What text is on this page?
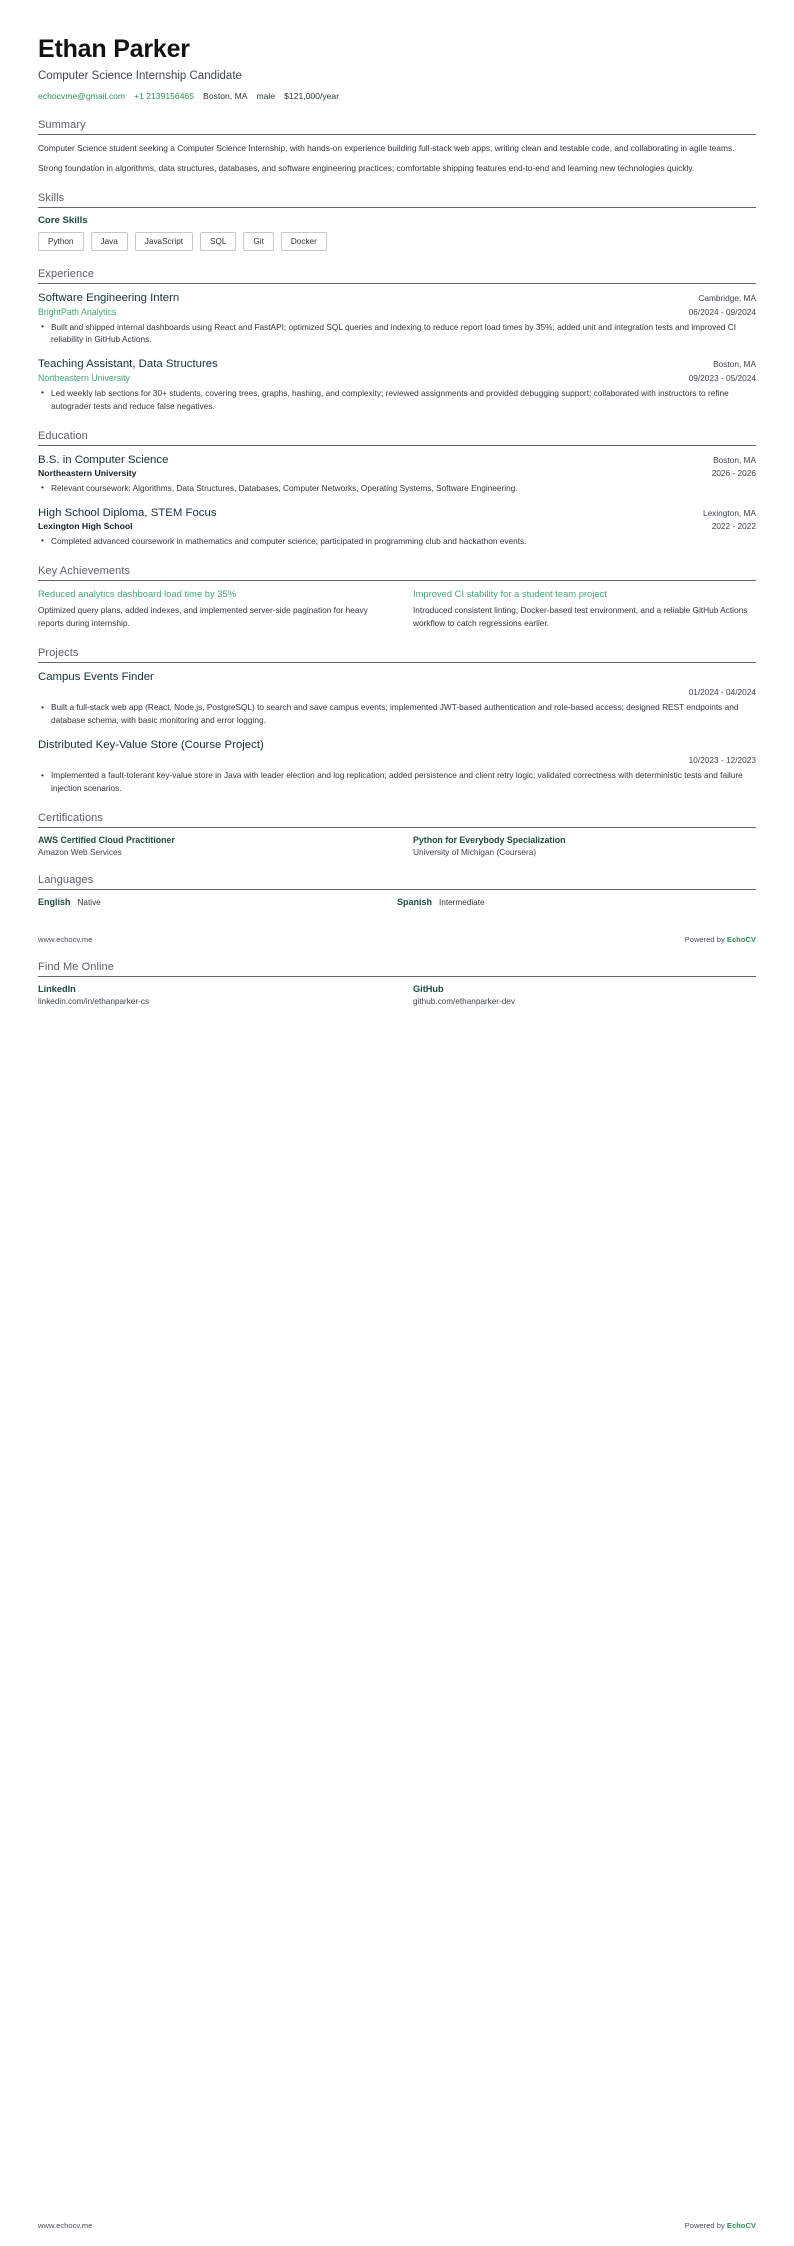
Ethan Parker
Computer Science Internship Candidate
echocvme@gmail.com +1 2139156465 Boston, MA male $121,000/year
Summary

Computer Science student seeking a Computer Science Internship, with hands-on experience building full-stack web apps, writing clean and testable code, and collaborating in agile teams.

Strong foundation in algorithms, data structures, databases, and software engineering practices; comfortable shipping features end-to-end and learning new technologies quickly.

Skills
Core Skills
Python	Java	JavaScript	SQL	Git	Docker
Experience
Software Engineering Intern	Cambridge, MA
BrightPath Analytics	06/2024 - 09/2024
• Built and shipped internal dashboards using React and FastAPI; optimized SQL queries and indexing to reduce report load times by 35%; added unit and integration tests and improved CI reliability in GitHub Actions.
Teaching Assistant, Data Structures	Boston, MA
Northeastern University	09/2023 - 05/2024
• Led weekly lab sections for 30+ students, covering trees, graphs, hashing, and complexity; reviewed assignments and provided debugging support; collaborated with instructors to refine autograder tests and reduce false negatives.
Education
B.S. in Computer Science	Boston, MA
Northeastern University	2026 - 2026
• Relevant coursework: Algorithms, Data Structures, Databases, Computer Networks, Operating Systems, Software Engineering.
High School Diploma, STEM Focus	Lexington, MA
Lexington High School	2022 - 2022
• Completed advanced coursework in mathematics and computer science; participated in programming club and hackathon events.
Key Achievements
Reduced analytics dashboard load time by 35%
Optimized query plans, added indexes, and implemented server-side pagination for heavy reports during internship.
Improved CI stability for a student team project
Introduced consistent linting, Docker-based test environment, and a reliable GitHub Actions workflow to catch regressions earlier.
Projects
Campus Events Finder
01/2024 - 04/2024
• Built a full-stack web app (React, Node.js, PostgreSQL) to search and save campus events; implemented JWT-based authentication and role-based access; designed REST endpoints and database schema, with basic monitoring and error logging.
Distributed Key-Value Store (Course Project)
10/2023 - 12/2023
• Implemented a fault-tolerant key-value store in Java with leader election and log replication; added persistence and client retry logic; validated correctness with deterministic tests and failure injection scenarios.
Certifications
AWS Certified Cloud Practitioner
Amazon Web Services
Python for Everybody Specialization
University of Michigan (Coursera)
Languages
English Native	Spanish Intermediate
www.echocv.me	Powered by EchoCV
Find Me Online
LinkedIn
linkedin.com/in/ethanparker-cs
GitHub
github.com/ethanparker-dev
www.echocv.me	Powered by EchoCV
